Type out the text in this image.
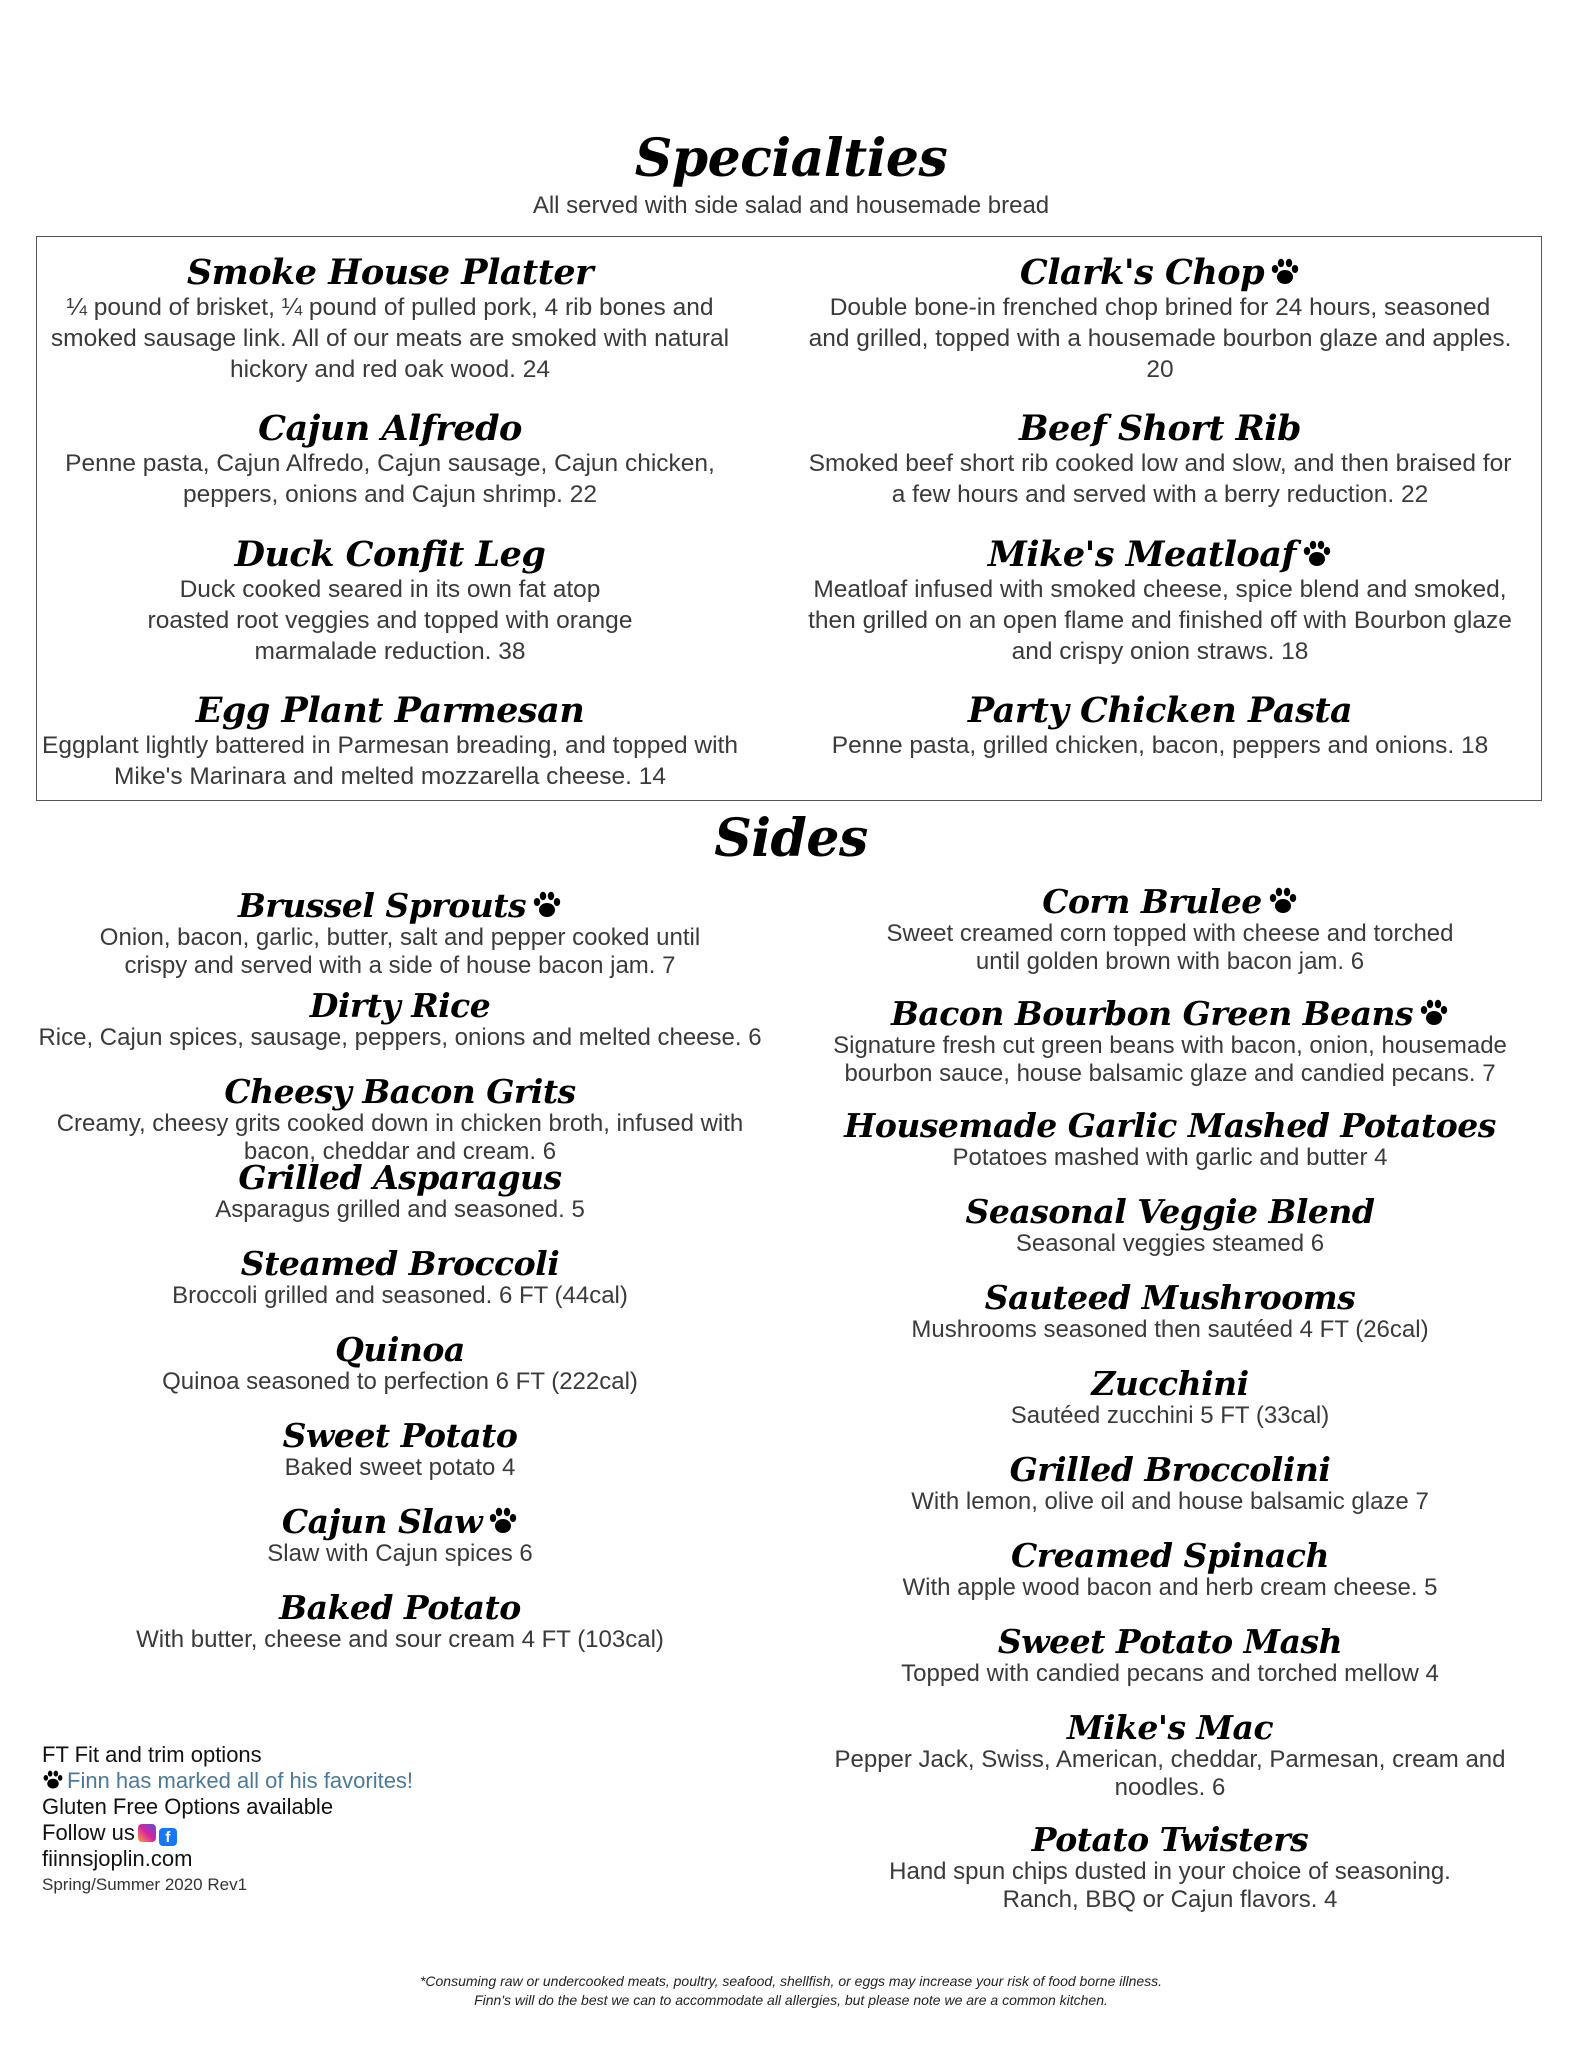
Specialties
All served with side salad and housemade bread

Smoke House Platter

¼ pound of brisket, ¼ pound of pulled pork, 4 rib bones and smoked sausage link. All of our meats are smoked with natural hickory and red oak wood. 24

Cajun Alfredo

Penne pasta, Cajun Alfredo, Cajun sausage, Cajun chicken, peppers, onions and Cajun shrimp. 22

Duck Confit Leg

Duck cooked seared in its own fat atop roasted root veggies and topped with orange marmalade reduction. 38

Egg Plant Parmesan

Eggplant lightly battered in Parmesan breading, and topped with Mike's Marinara and melted mozzarella cheese. 14

Clark's Chop

Double bone-in frenched chop brined for 24 hours, seasoned and grilled, topped with a housemade bourbon glaze and apples. 20

Beef Short Rib

Smoked beef short rib cooked low and slow, and then braised for a few hours and served with a berry reduction. 22

Mike's Meatloaf

Meatloaf infused with smoked cheese, spice blend and smoked, then grilled on an open flame and finished off with Bourbon glaze and crispy onion straws. 18

Party Chicken Pasta

Penne pasta, grilled chicken, bacon, peppers and onions. 18

Sides

Brussel Sprouts

Onion, bacon, garlic, butter, salt and pepper cooked until crispy and served with a side of house bacon jam. 7

Dirty Rice

Rice, Cajun spices, sausage, peppers, onions and melted cheese. 6

Cheesy Bacon Grits

Creamy, cheesy grits cooked down in chicken broth, infused with bacon, cheddar and cream. 6

Grilled Asparagus

Asparagus grilled and seasoned. 5

Steamed Broccoli

Broccoli grilled and seasoned. 6 FT (44cal)

Quinoa

Quinoa seasoned to perfection 6 FT (222cal)

Sweet Potato

Baked sweet potato 4

Cajun Slaw

Slaw with Cajun spices 6

Baked Potato

With butter, cheese and sour cream 4 FT (103cal)

Corn Brulee

Sweet creamed corn topped with cheese and torched until golden brown with bacon jam. 6

Bacon Bourbon Green Beans

Signature fresh cut green beans with bacon, onion, housemade bourbon sauce, house balsamic glaze and candied pecans. 7

Housemade Garlic Mashed Potatoes

Potatoes mashed with garlic and butter 4

Seasonal Veggie Blend

Seasonal veggies steamed 6

Sauteed Mushrooms

Mushrooms seasoned then sautéed 4 FT (26cal)

Zucchini

Sautéed zucchini 5 FT (33cal)

Grilled Broccolini

With lemon, olive oil and house balsamic glaze 7

Creamed Spinach

With apple wood bacon and herb cream cheese. 5

Sweet Potato Mash

Topped with candied pecans and torched mellow 4

Mike's Mac

Pepper Jack, Swiss, American, cheddar, Parmesan, cream and noodles. 6

Potato Twisters

Hand spun chips dusted in your choice of seasoning. Ranch, BBQ or Cajun flavors. 4

FT Fit and trim options
Finn has marked all of his favorites!
Gluten Free Options available
Follow us f
fiinnsjoplin.com
Spring/Summer 2020 Rev1
*Consuming raw or undercooked meats, poultry, seafood, shellfish, or eggs may increase your risk of food borne illness.
Finn's will do the best we can to accommodate all allergies, but please note we are a common kitchen.
